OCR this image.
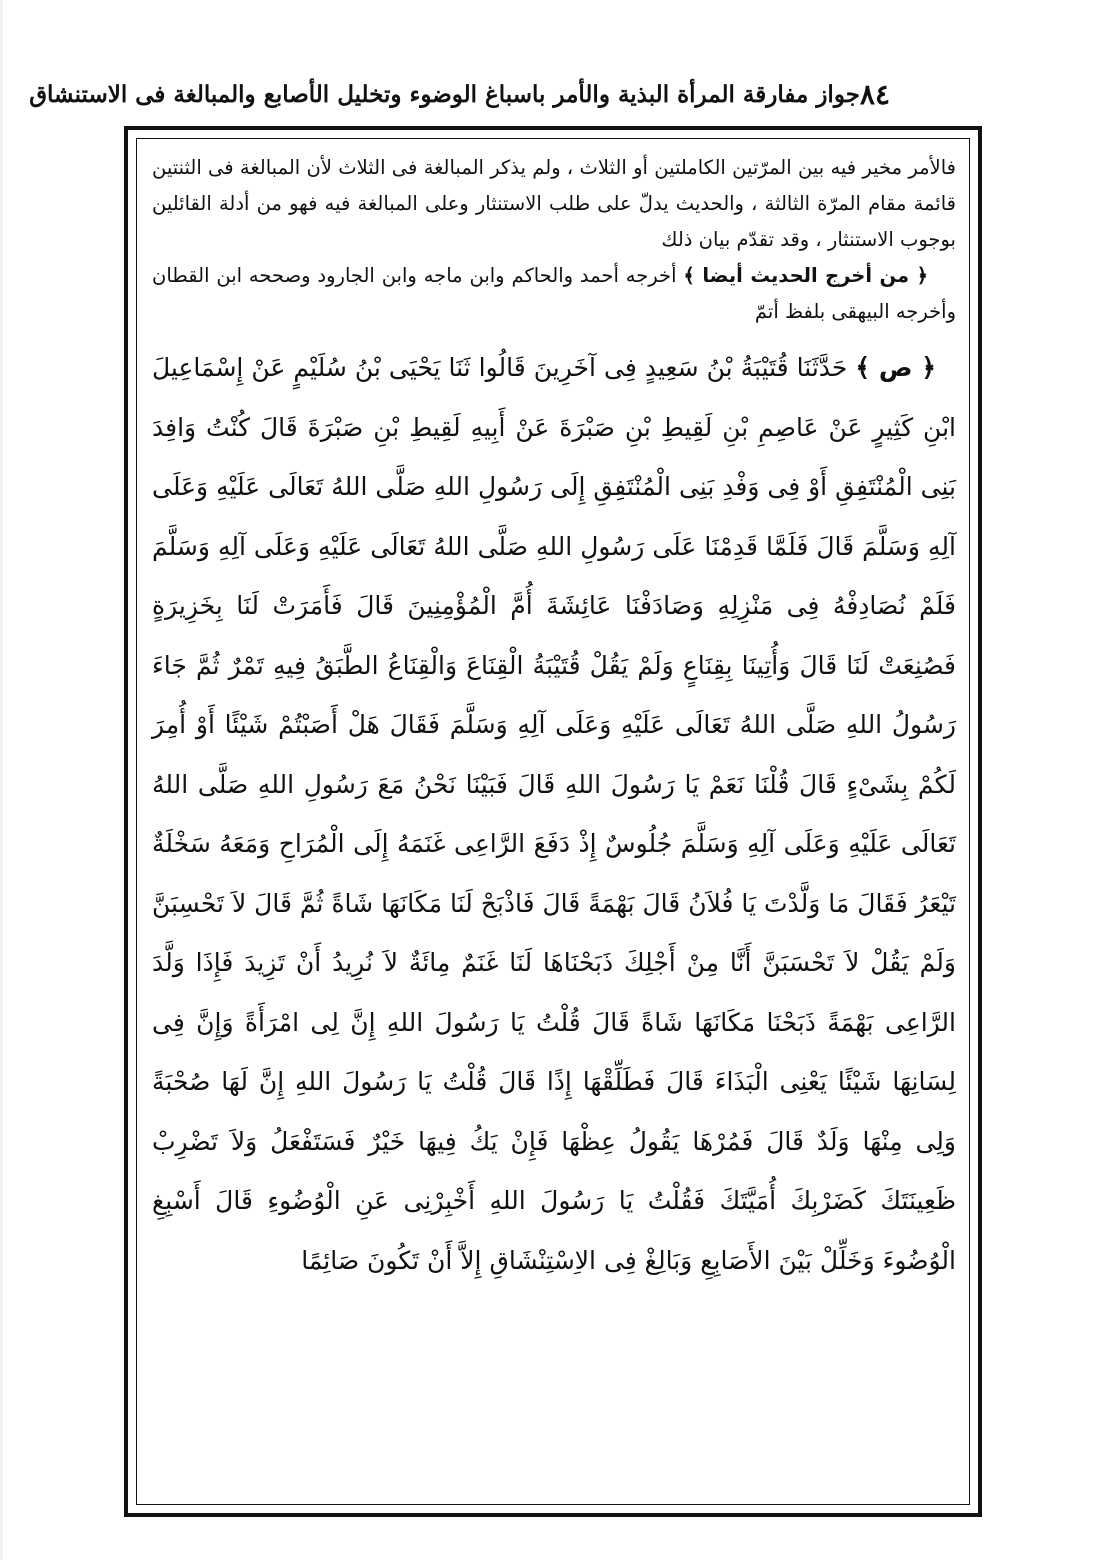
٨٤
جواز مفارقة المرأة البذية والأمر باسباغ الوضوء وتخليل الأصابع والمبالغة فى الاستنشاق

فالأمر مخير فيه بين المرّتين الكاملتين أو الثلاث ، ولم يذكر المبالغة فى الثلاث لأن المبالغة فى الثنتين قائمة مقام المرّة الثالثة ، والحديث يدلّ على طلب الاستنثار وعلى المبالغة فيه فهو من أدلة القائلين بوجوب الاستنثار ، وقد تقدّم بيان ذلك

﴿ من أخرج الحديث أيضا ﴾ أخرجه أحمد والحاكم وابن ماجه وابن الجارود وصححه ابن القطان وأخرجه البيهقى بلفظ أتمّ

﴿ ص ﴾ حَدَّثَنَا قُتَيْبَةُ بْنُ سَعِيدٍ فِى آخَرِينَ قَالُوا ثَنَا يَحْيَى بْنُ سُلَيْمٍ عَنْ إِسْمَاعِيلَ ابْنِ كَثِيرٍ عَنْ عَاصِمِ بْنِ لَقِيطِ بْنِ صَبْرَةَ عَنْ أَبِيهِ لَقِيطِ بْنِ صَبْرَةَ قَالَ كُنْتُ وَافِدَ بَنِى الْمُنْتَفِقِ أَوْ فِى وَفْدِ بَنِى الْمُنْتَفِقِ إِلَى رَسُولِ اللهِ صَلَّى اللهُ تَعَالَى عَلَيْهِ وَعَلَى آلِهِ وَسَلَّمَ قَالَ فَلَمَّا قَدِمْنَا عَلَى رَسُولِ اللهِ صَلَّى اللهُ تَعَالَى عَلَيْهِ وَعَلَى آلِهِ وَسَلَّمَ فَلَمْ نُصَادِفْهُ فِى مَنْزِلِهِ وَصَادَفْنَا عَائِشَةَ أُمَّ الْمُؤْمِنِينَ قَالَ فَأَمَرَتْ لَنَا بِخَزِيرَةٍ فَصُنِعَتْ لَنَا قَالَ وَأُتِينَا بِقِنَاعٍ وَلَمْ يَقُلْ قُتَيْبَةُ الْقِنَاعَ وَالْقِنَاعُ الطَّبَقُ فِيهِ تَمْرٌ ثُمَّ جَاءَ رَسُولُ اللهِ صَلَّى اللهُ تَعَالَى عَلَيْهِ وَعَلَى آلِهِ وَسَلَّمَ فَقَالَ هَلْ أَصَبْتُمْ شَيْئًا أَوْ أُمِرَ لَكُمْ بِشَىْءٍ قَالَ قُلْنَا نَعَمْ يَا رَسُولَ اللهِ قَالَ فَبَيْنَا نَحْنُ مَعَ رَسُولِ اللهِ صَلَّى اللهُ تَعَالَى عَلَيْهِ وَعَلَى آلِهِ وَسَلَّمَ جُلُوسٌ إِذْ دَفَعَ الرَّاعِى غَنَمَهُ إِلَى الْمُرَاحِ وَمَعَهُ سَخْلَةٌ تَيْعَرُ فَقَالَ مَا وَلَّدْتَ يَا فُلاَنُ قَالَ بَهْمَةً قَالَ فَاذْبَحْ لَنَا مَكَانَهَا شَاةً ثُمَّ قَالَ لاَ تَحْسِبَنَّ وَلَمْ يَقُلْ لاَ تَحْسَبَنَّ أَنَّا مِنْ أَجْلِكَ ذَبَحْنَاهَا لَنَا غَنَمٌ مِائَةٌ لاَ نُرِيدُ أَنْ تَزِيدَ فَإِذَا وَلَّدَ الرَّاعِى بَهْمَةً ذَبَحْنَا مَكَانَهَا شَاةً قَالَ قُلْتُ يَا رَسُولَ اللهِ إِنَّ لِى امْرَأَةً وَإِنَّ فِى لِسَانِهَا شَيْئًا يَعْنِى الْبَذَاءَ قَالَ فَطَلِّقْهَا إِذًا قَالَ قُلْتُ يَا رَسُولَ اللهِ إِنَّ لَهَا صُحْبَةً وَلِى مِنْهَا وَلَدٌ قَالَ فَمُرْهَا يَقُولُ عِظْهَا فَإِنْ يَكُ فِيهَا خَيْرٌ فَسَتَفْعَلُ وَلاَ تَضْرِبْ ظَعِينَتَكَ كَضَرْبِكَ أُمَيَّتَكَ فَقُلْتُ يَا رَسُولَ اللهِ أَخْبِرْنِى عَنِ الْوُضُوءِ قَالَ أَسْبِغِ الْوُضُوءَ وَخَلِّلْ بَيْنَ الأَصَابِعِ وَبَالِغْ فِى الاِسْتِنْشَاقِ إِلاَّ أَنْ تَكُونَ صَائِمًا
